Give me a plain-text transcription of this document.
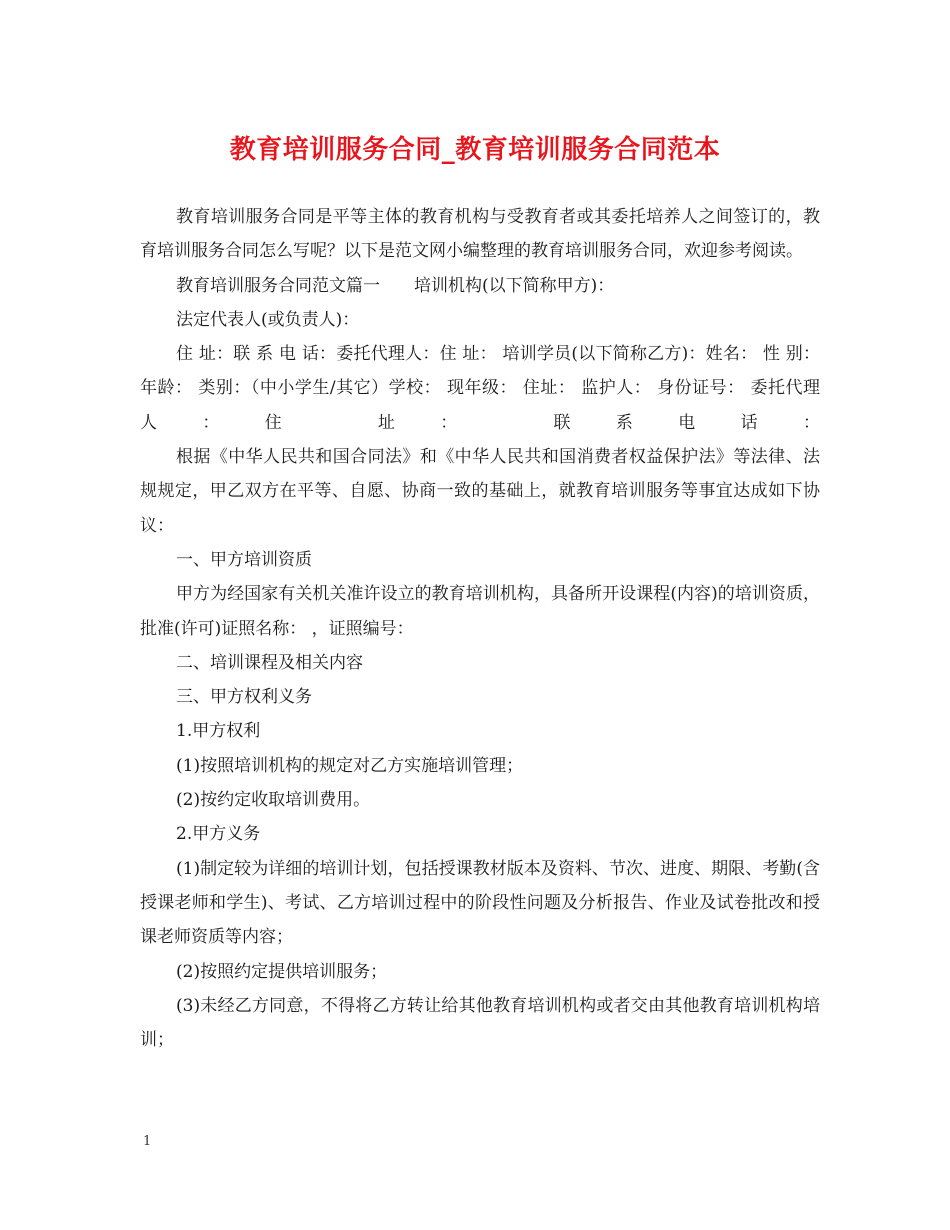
教育培训服务合同_教育培训服务合同范本

教育培训服务合同是平等主体的教育机构与受教育者或其委托培养人之间签订的，教育培训服务合同怎么写呢？以下是范文网小编整理的教育培训服务合同，欢迎参考阅读。

教育培训服务合同范文篇一　　培训机构(以下简称甲方)：

法定代表人(或负责人)：

住 址：联 系 电 话：委托代理人：住 址： 培训学员(以下简称乙方)：姓名： 性 别： 年龄： 类别：（中小学生/其它）学校： 现年级： 住址： 监护人： 身份证号： 委托代理人：住 址： 联系电话：

根据《中华人民共和国合同法》和《中华人民共和国消费者权益保护法》等法律、法规规定，甲乙双方在平等、自愿、协商一致的基础上，就教育培训服务等事宜达成如下协议：

一、甲方培训资质

甲方为经国家有关机关准许设立的教育培训机构，具备所开设课程(内容)的培训资质，批准(许可)证照名称： ，证照编号：

二、培训课程及相关内容

三、甲方权利义务

1.甲方权利

(1)按照培训机构的规定对乙方实施培训管理；

(2)按约定收取培训费用。

2.甲方义务

(1)制定较为详细的培训计划，包括授课教材版本及资料、节次、进度、期限、考勤(含授课老师和学生)、考试、乙方培训过程中的阶段性问题及分析报告、作业及试卷批改和授课老师资质等内容；

(2)按照约定提供培训服务；

(3)未经乙方同意，不得将乙方转让给其他教育培训机构或者交由其他教育培训机构培训；

1
